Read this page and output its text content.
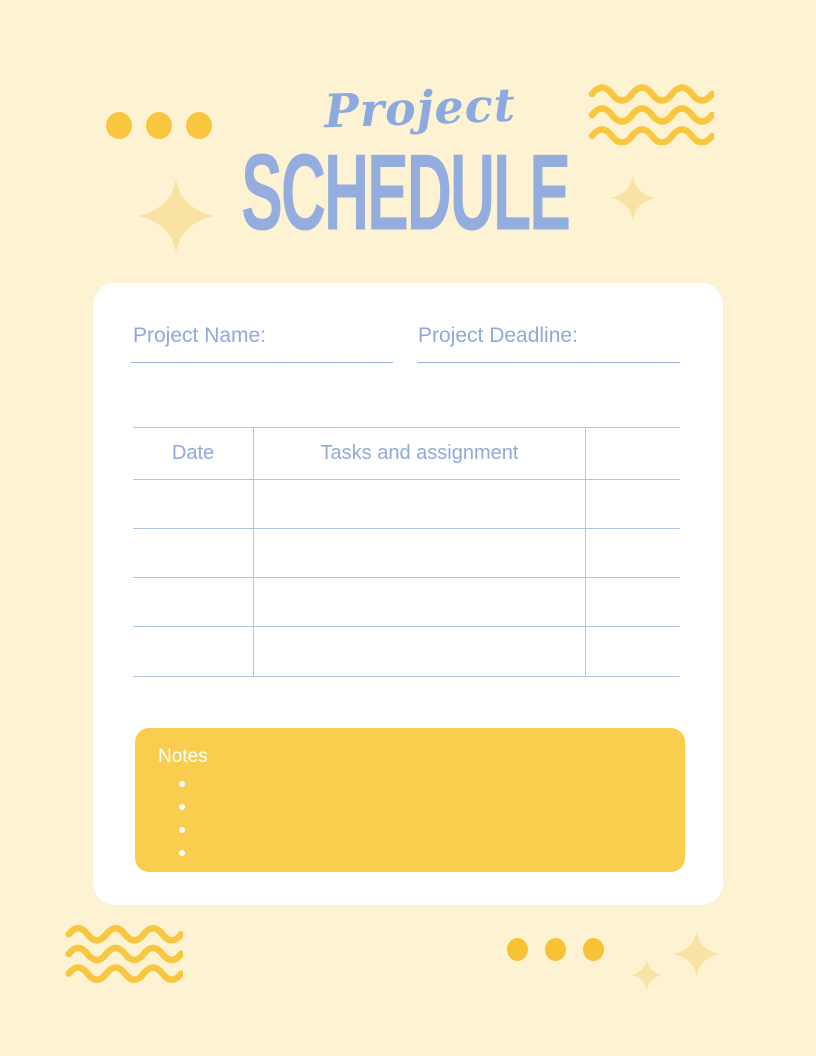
Project
SCHEDULE
Project Name:
______________________________
Project Deadline:
______________________________
Date	Tasks and assignment
Notes
